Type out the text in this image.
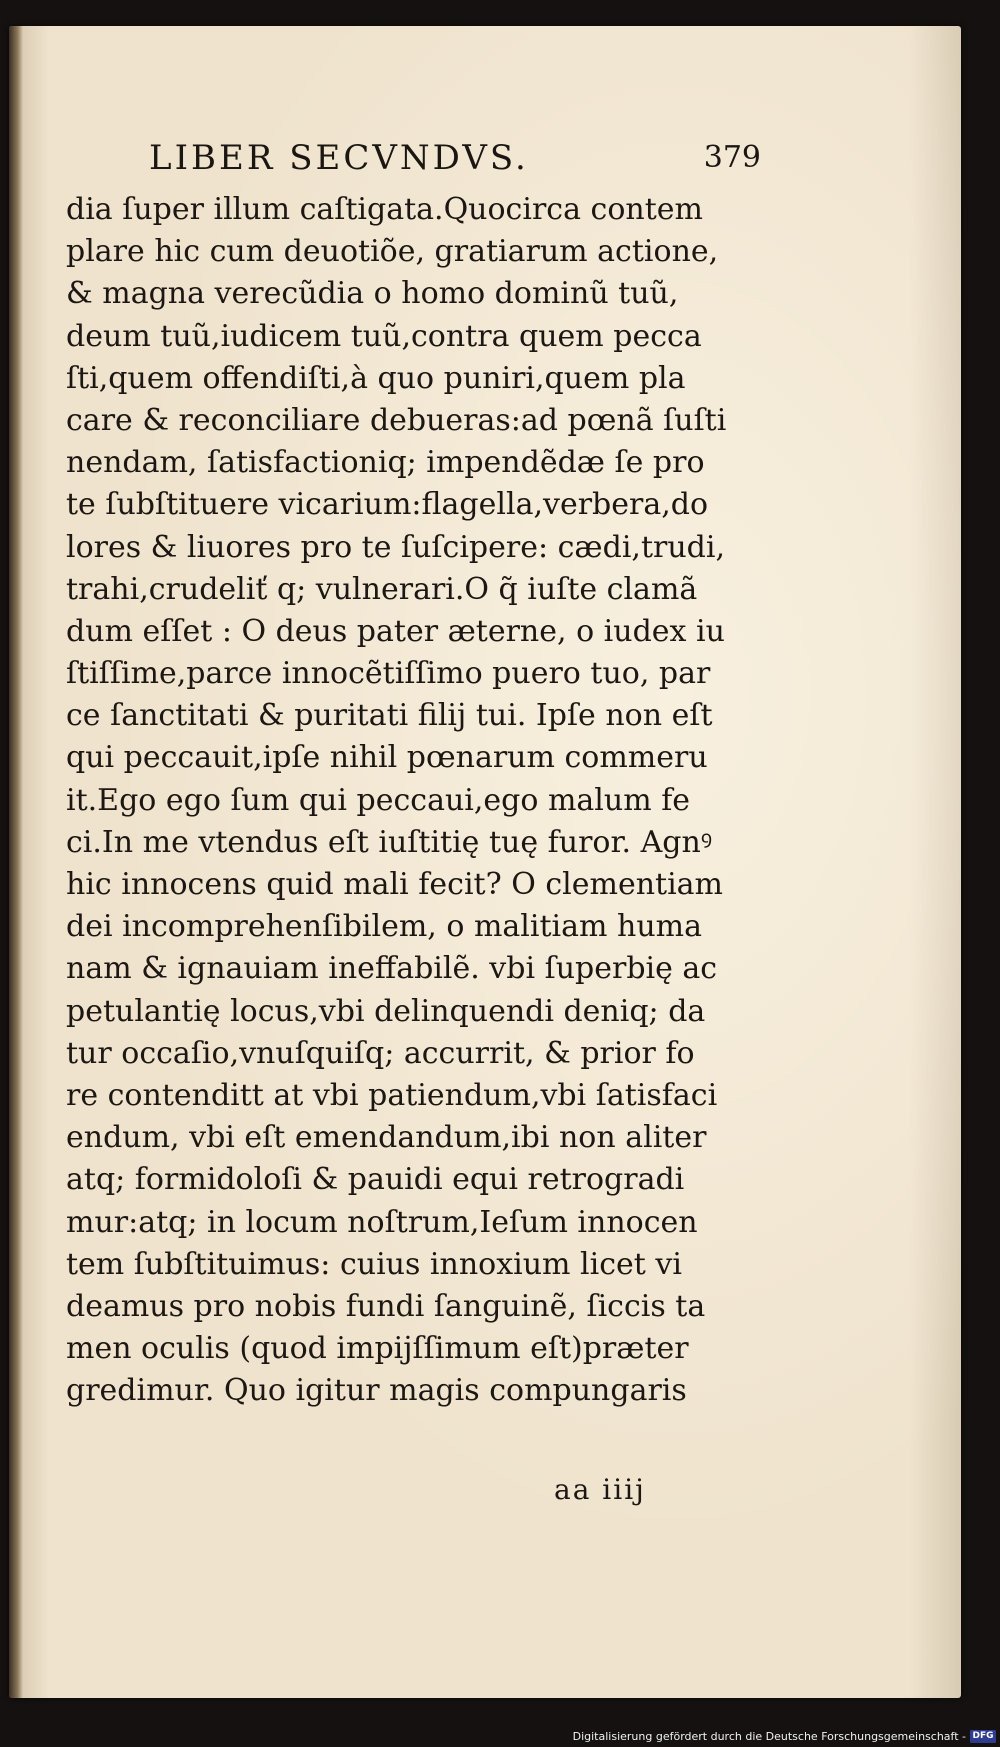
LIBER SECVNDVS.	379
dia ſuper illum caſtigata.Quocirca contem
plare hic cum deuotiõe, gratiarum actione,
& magna verecũdia o homo dominũ tuũ,
deum tuũ,iudicem tuũ,contra quem pecca
ſti,quem offendiſti,à quo puniri,quem pla
care & reconciliare debueras:ad pœnã ſuſti
nendam, ſatisfactioniq; impendẽdæ ſe pro
te ſubſtituere vicarium:flagella,verbera,do
lores & liuores pro te ſuſcipere: cædi,trudi,
trahi,crudeliť q; vulnerari.O q̃ iuſte clamã
dum eſſet : O deus pater æterne, o iudex iu
ſtiſſime,parce innocẽtiſſimo puero tuo, par
ce ſanctitati & puritati filij tui. Ipſe non eſt
qui peccauit,ipſe nihil pœnarum commeru
it.Ego ego ſum qui peccaui,ego malum fe
ci.In me vtendus eſt iuſtitię tuę furor. Agnꝰ
hic innocens quid mali fecit? O clementiam
dei incomprehenſibilem, o malitiam huma
nam & ignauiam ineffabilẽ. vbi ſuperbię ac
petulantię locus,vbi delinquendi deniq; da
tur occaſio,vnuſquiſq; accurrit, & prior fo
re contenditt at vbi patiendum,vbi ſatisfaci
endum, vbi eſt emendandum,ibi non aliter
atq; formidoloſi & pauidi equi retrogradi
mur:atq; in locum noſtrum,Ieſum innocen
tem ſubſtituimus: cuius innoxium licet vi
deamus pro nobis fundi ſanguinẽ, ſiccis ta
men oculis (quod impijſſimum eſt)præter
gredimur. Quo igitur magis compungaris
aa iiij
Digitalisierung gefördert durch die Deutsche Forschungsgemeinschaft - DFG
